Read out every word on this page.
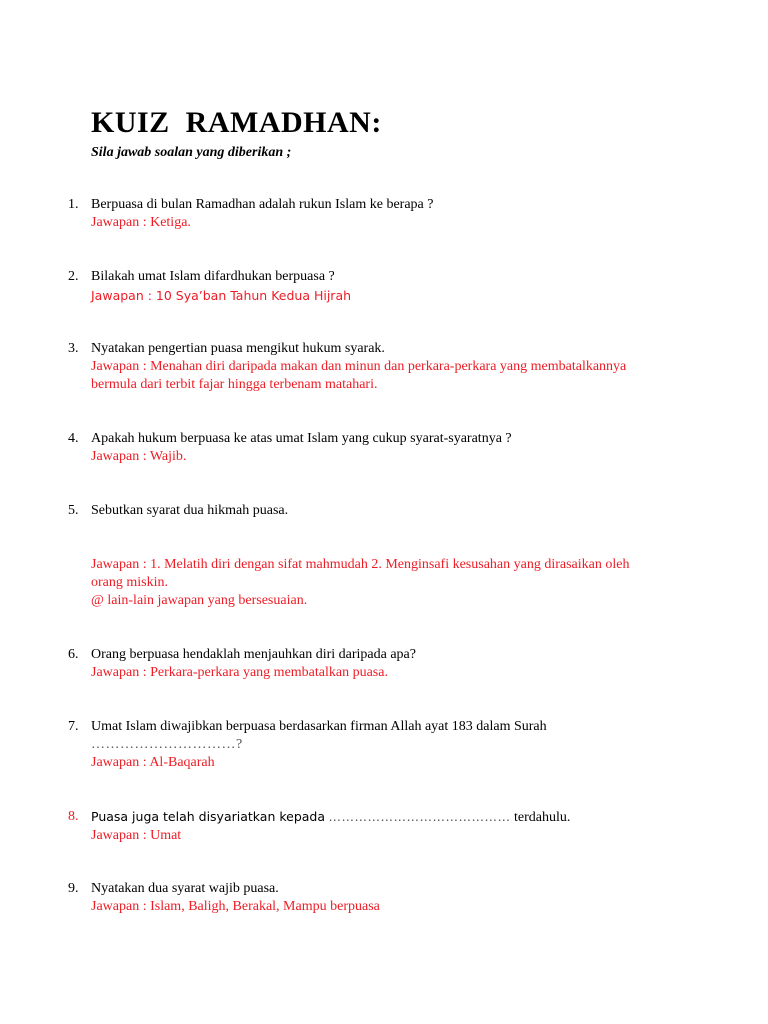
KUIZ  RAMADHAN:
Sila jawab soalan yang diberikan ;
1. Berpuasa di bulan Ramadhan adalah rukun Islam ke berapa ?
Jawapan : Ketiga.
2. Bilakah umat Islam difardhukan berpuasa ?
Jawapan : 10 Sya’ban Tahun Kedua Hijrah
3. Nyatakan pengertian puasa mengikut hukum syarak.
Jawapan : Menahan diri daripada makan dan minun dan perkara-perkara yang membatalkannya
bermula dari terbit fajar hingga terbenam matahari.
4. Apakah hukum berpuasa ke atas umat Islam yang cukup syarat-syaratnya ?
Jawapan : Wajib.
5. Sebutkan syarat dua hikmah puasa.
Jawapan : 1. Melatih diri dengan sifat mahmudah 2. Menginsafi kesusahan yang dirasaikan oleh
orang miskin.
@ lain-lain jawapan yang bersesuaian.
6. Orang berpuasa hendaklah menjauhkan diri daripada apa?
Jawapan : Perkara-perkara yang membatalkan puasa.
7. Umat Islam diwajibkan berpuasa berdasarkan firman Allah ayat 183 dalam Surah
…………………………?
Jawapan : Al-Baqarah
8. Puasa juga telah disyariatkan kepada …………………………………… terdahulu.
Jawapan : Umat
9. Nyatakan dua syarat wajib puasa.
Jawapan : Islam, Baligh, Berakal, Mampu berpuasa
